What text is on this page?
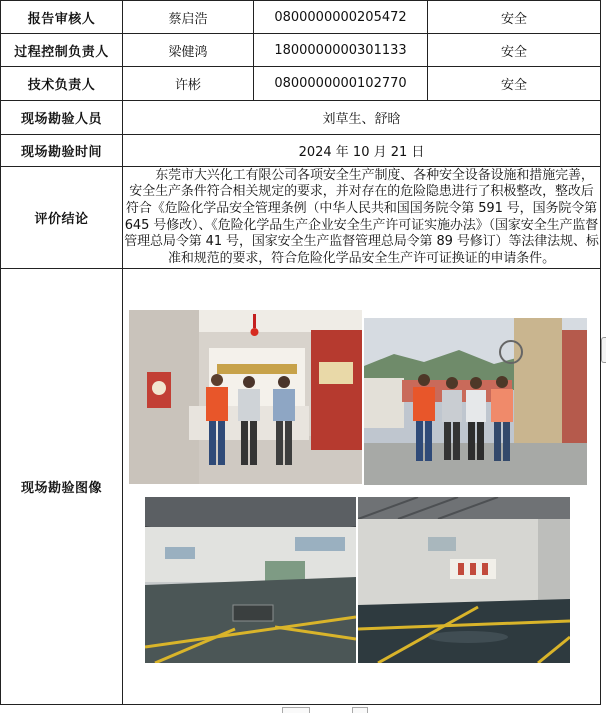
报告审核人	蔡启浩	0800000000205472	安全
过程控制负责人	梁健鸿	1800000000301133	安全
技术负责人	许彬	0800000000102770	安全
现场勘验人员	刘草生、舒晗		
现场勘验时间	2024 年 10 月 21 日		
评价结论	东莞市大兴化工有限公司各项安全生产制度、各种安全设备设施和措施完善，安全生产条件符合相关规定的要求，并对存在的危险隐患进行了积极整改，整改后符合《危险化学品安全管理条例（中华人民共和国国务院令第 591 号，国务院令第 645 号修改）、《危险化学品生产企业安全生产许可证实施办法》（国家安全生产监督管理总局令第 41 号，国家安全生产监督管理总局令第 89 号修订）等法律法规、标准和规范的要求，符合危险化学品安全生产许可证换证的申请条件。		

现场勘验图像	
